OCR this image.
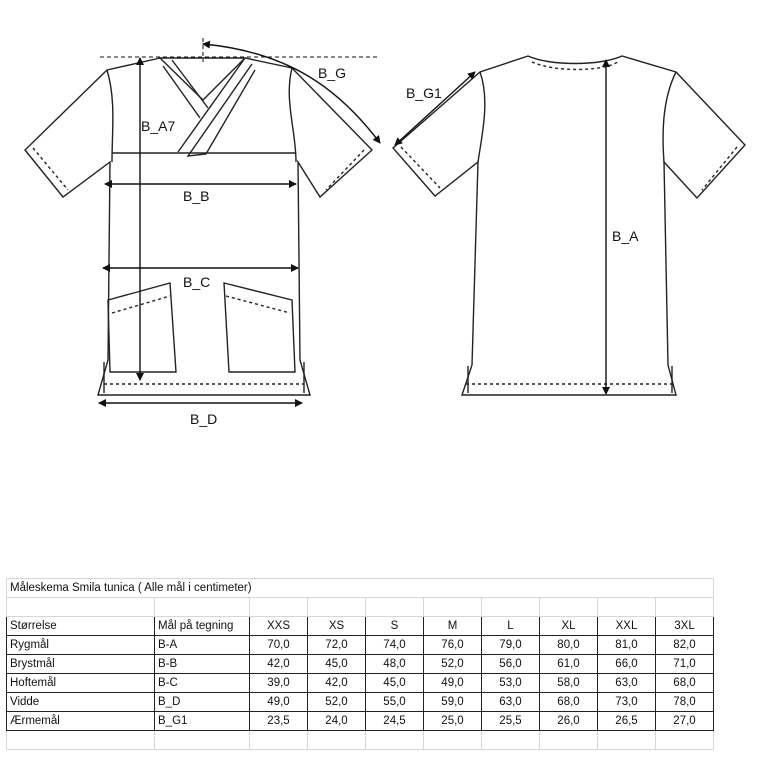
B_G
B_G1
B_A7
B_B
B_C
B_D
B_A
Måleskema Smila tunica ( Alle mål i centimeter)									

Størrelse	Mål på tegning	XXS	XS	S	M	L	XL	XXL	3XL
Rygmål	B-A	70,0	72,0	74,0	76,0	79,0	80,0	81,0	82,0
Brystmål	B-B	42,0	45,0	48,0	52,0	56,0	61,0	66,0	71,0
Hoftemål	B-C	39,0	42,0	45,0	49,0	53,0	58,0	63,0	68,0
Vidde	B_D	49,0	52,0	55,0	59,0	63,0	68,0	73,0	78,0
Ærmemål	B_G1	23,5	24,0	24,5	25,0	25,5	26,0	26,5	27,0
